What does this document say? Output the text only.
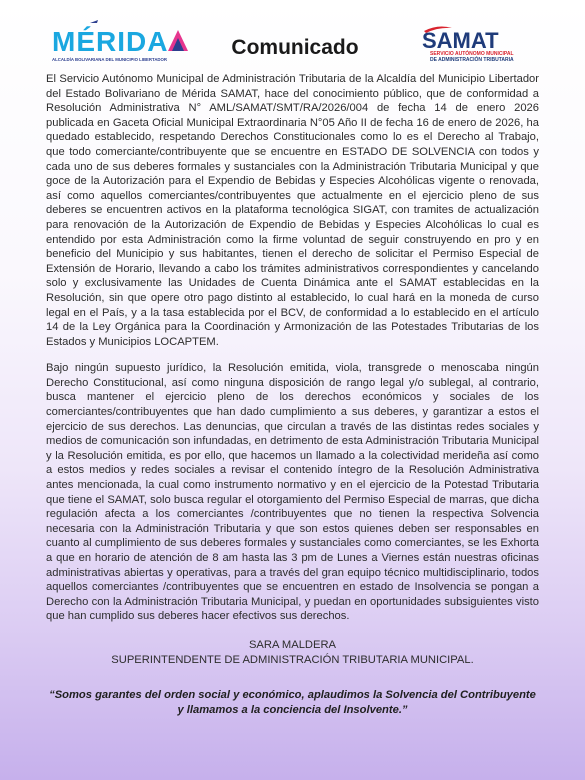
MÉRIDA
ALCALDÍA BOLIVARIANA DEL MUNICIPIO LIBERTADOR
Comunicado	SAMAT
SERVICIO AUTÓNOMO MUNICIPAL
DE ADMINISTRACIÓN TRIBUTARIA

El Servicio Autónomo Municipal de Administración Tributaria de la Alcaldía del Municipio Libertador del Estado Bolivariano de Mérida SAMAT, hace del conocimiento público, que de conformidad a Resolución Administrativa N° AML/SAMAT/SMT/RA/2026/004 de fecha 14 de enero 2026 publicada en Gaceta Oficial Municipal Extraordinaria N°05 Año II de fecha 16 de enero de 2026, ha quedado establecido, respetando Derechos Constitucionales como lo es el Derecho al Trabajo, que todo comerciante/contribuyente que se encuentre en ESTADO DE SOLVENCIA con todos y cada uno de sus deberes formales y sustanciales con la Administración Tributaria Municipal y que goce de la Autorización para el Expendio de Bebidas y Especies Alcohólicas vigente o renovada, así como aquellos comerciantes/contribuyentes que actualmente en el ejercicio pleno de sus deberes se encuentren activos en la plataforma tecnológica SIGAT, con tramites de actualización para renovación de la Autorización de Expendio de Bebidas y Especies Alcohólicas lo cual es entendido por esta Administración como la firme voluntad de seguir construyendo en pro y en beneficio del Municipio y sus habitantes, tienen el derecho de solicitar el Permiso Especial de Extensión de Horario, llevando a cabo los trámites administrativos correspondientes y cancelando solo y exclusivamente las Unidades de Cuenta Dinámica ante el SAMAT establecidas en la Resolución, sin que opere otro pago distinto al establecido, lo cual hará en la moneda de curso legal en el País, y a la tasa establecida por el BCV, de conformidad a lo establecido en el artículo 14 de la Ley Orgánica para la Coordinación y Armonización de las Potestades Tributarias de los Estados y Municipios LOCAPTEM.

Bajo ningún supuesto jurídico, la Resolución emitida, viola, transgrede o menoscaba ningún Derecho Constitucional, así como ninguna disposición de rango legal y/o sublegal, al contrario, busca mantener el ejercicio pleno de los derechos económicos y sociales de los comerciantes/contribuyentes que han dado cumplimiento a sus deberes, y garantizar a estos el ejercicio de sus derechos. Las denuncias, que circulan a través de las distintas redes sociales y medios de comunicación son infundadas, en detrimento de esta Administración Tributaria Municipal y la Resolución emitida, es por ello, que hacemos un llamado a la colectividad merideña así como a estos medios y redes sociales a revisar el contenido íntegro de la Resolución Administrativa antes mencionada, la cual como instrumento normativo y en el ejercicio de la Potestad Tributaria que tiene el SAMAT, solo busca regular el otorgamiento del Permiso Especial de marras, que dicha regulación afecta a los comerciantes /contribuyentes que no tienen la respectiva Solvencia necesaria con la Administración Tributaria y que son estos quienes deben ser responsables en cuanto al cumplimiento de sus deberes formales y sustanciales como comerciantes, se les Exhorta a que en horario de atención de 8 am hasta las 3 pm de Lunes a Viernes están nuestras oficinas administrativas abiertas y operativas, para a través del gran equipo técnico multidisciplinario, todos aquellos comerciantes /contribuyentes que se encuentren en estado de Insolvencia se pongan a Derecho con la Administración Tributaria Municipal, y puedan en oportunidades subsiguientes visto que han cumplido sus deberes hacer efectivos sus derechos.

SARA MALDERA
SUPERINTENDENTE DE ADMINISTRACIÓN TRIBUTARIA MUNICIPAL.
“Somos garantes del orden social y económico, aplaudimos la Solvencia del Contribuyente y llamamos a la conciencia del Insolvente.”
